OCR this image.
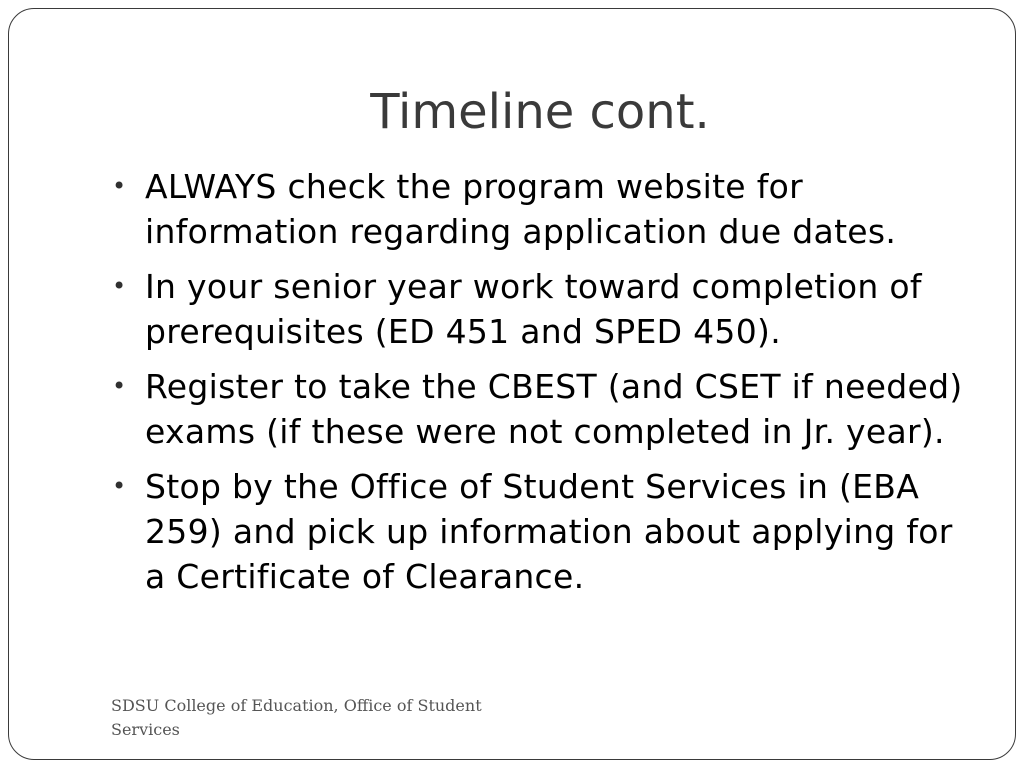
Timeline cont.
• ALWAYS check the program website for information regarding application due dates.
• In your senior year work toward completion of prerequisites (ED 451 and SPED 450).
• Register to take the CBEST (and CSET if needed) exams (if these were not completed in Jr. year).
• Stop by the Office of Student Services in (EBA 259) and pick up information about applying for a Certificate of Clearance.
SDSU College of Education, Office of Student Services
